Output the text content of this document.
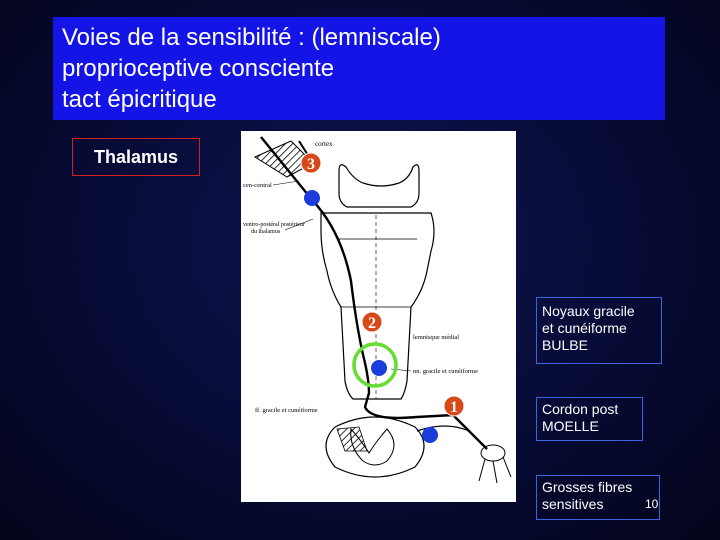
Voies de la sensibilité : (lemniscale)
proprioceptive consciente
tact épicritique
Thalamus
cortex
cen-central
ventro-postéral postérieur
du thalamus
lemnisque médial
nn. gracile et cunéiforme
ff. gracile et cunéiforme
3
2
1
Noyaux gracile
et cunéiforme
BULBE
Cordon post
MOELLE
Grosses fibres
sensitives	10
